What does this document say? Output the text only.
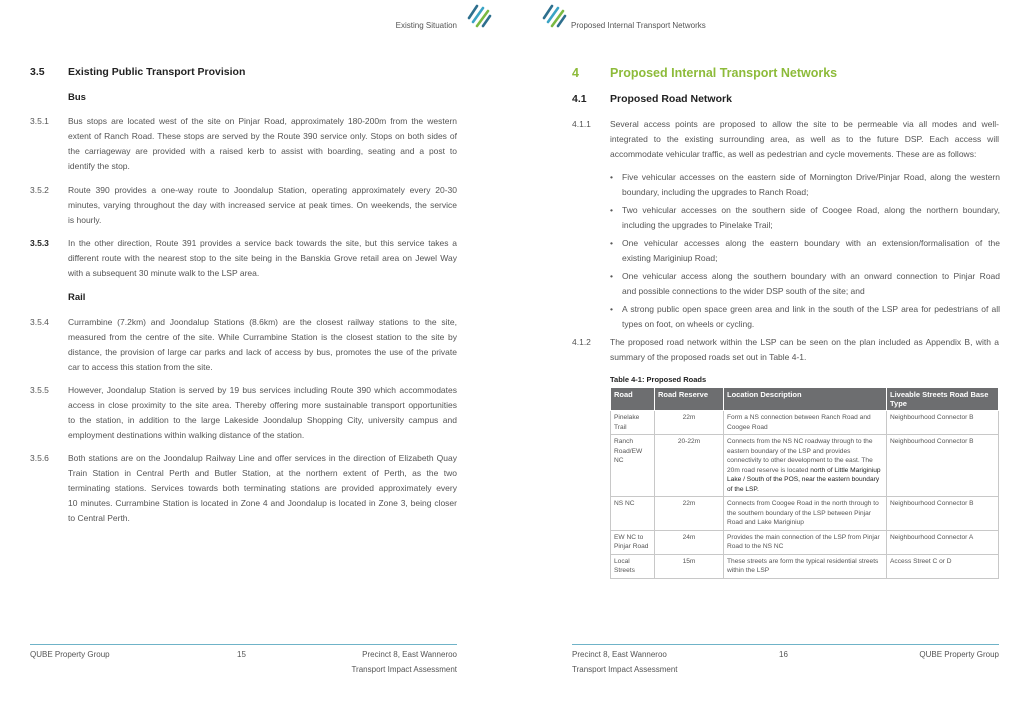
Existing Situation
3.5 Existing Public Transport Provision
Bus
3.5.1 Bus stops are located west of the site on Pinjar Road, approximately 180-200m from the western
extent of Ranch Road. These stops are served by the Route 390 service only. Stops on both sides of
the carriageway are provided with a raised kerb to assist with boarding, seating and a post to
identify the stop.
3.5.2 Route 390 provides a one-way route to Joondalup Station, operating approximately every 20-30
minutes, varying throughout the day with increased service at peak times. On weekends, the service
is hourly.
3.5.3 In the other direction, Route 391 provides a service back towards the site, but this service takes a
different route with the nearest stop to the site being in the Banskia Grove retail area on Jewel Way
with a subsequent 30 minute walk to the LSP area.
Rail
3.5.4 Currambine (7.2km) and Joondalup Stations (8.6km) are the closest railway stations to the site,
measured from the centre of the site. While Currambine Station is the closest station to the site by
distance, the provision of large car parks and lack of access by bus, promotes the use of the private
car to access this station from the site.
3.5.5 However, Joondalup Station is served by 19 bus services including Route 390 which accommodates
access in close proximity to the site area. Thereby offering more sustainable transport opportunities
to the station, in addition to the large Lakeside Joondalup Shopping City, university campus and
employment destinations within walking distance of the station.
3.5.6 Both stations are on the Joondalup Railway Line and offer services in the direction of Elizabeth Quay
Train Station in Central Perth and Butler Station, at the northern extent of Perth, as the two
terminating stations. Services towards both terminating stations are provided approximately every
10 minutes. Currambine Station is located in Zone 4 and Joondalup is located in Zone 3, being closer
to Central Perth.
QUBE Property Group	15	Precinct 8, East Wanneroo
Transport Impact Assessment
Proposed Internal Transport Networks
4 Proposed Internal Transport Networks
4.1 Proposed Road Network
4.1.1 Several access points are proposed to allow the site to be permeable via all modes and well-
integrated to the existing surrounding area, as well as to the future DSP. Each access will
accommodate vehicular traffic, as well as pedestrian and cycle movements. These are as follows:
• Five vehicular accesses on the eastern side of Mornington Drive/Pinjar Road, along the western
boundary, including the upgrades to Ranch Road;
• Two vehicular accesses on the southern side of Coogee Road, along the northern boundary,
including the upgrades to Pinelake Trail;
• One vehicular accesses along the eastern boundary with an extension/formalisation of the
existing Mariginiup Road;
• One vehicular access along the southern boundary with an onward connection to Pinjar Road
and possible connections to the wider DSP south of the site; and
• A strong public open space green area and link in the south of the LSP area for pedestrians of all
types on foot, on wheels or cycling.
4.1.2 The proposed road network within the LSP can be seen on the plan included as Appendix B, with a
summary of the proposed roads set out in Table 4-1.
Table 4-1: Proposed Roads
Road	Road Reserve	Location Description	Liveable Streets Road Base Type
Pinelake Trail	22m	Form a NS connection between Ranch Road and Coogee Road	Neighbourhood Connector B
Ranch Road/EW NC	20-22m	Connects from the NS NC roadway through to the eastern boundary of the LSP and provides connectivity to other development to the east. The 20m road reserve is located north of Little Mariginiup Lake / South of the POS, near the eastern boundary of the LSP.	Neighbourhood Connector B
NS NC	22m	Connects from Coogee Road in the north through to the southern boundary of the LSP between Pinjar Road and Lake Mariginiup	Neighbourhood Connector B
EW NC to Pinjar Road	24m	Provides the main connection of the LSP from Pinjar Road to the NS NC	Neighbourhood Connector A
Local Streets	15m	These streets are form the typical residential streets within the LSP	Access Street C or D
Precinct 8, East Wanneroo
Transport Impact Assessment
16	QUBE Property Group
